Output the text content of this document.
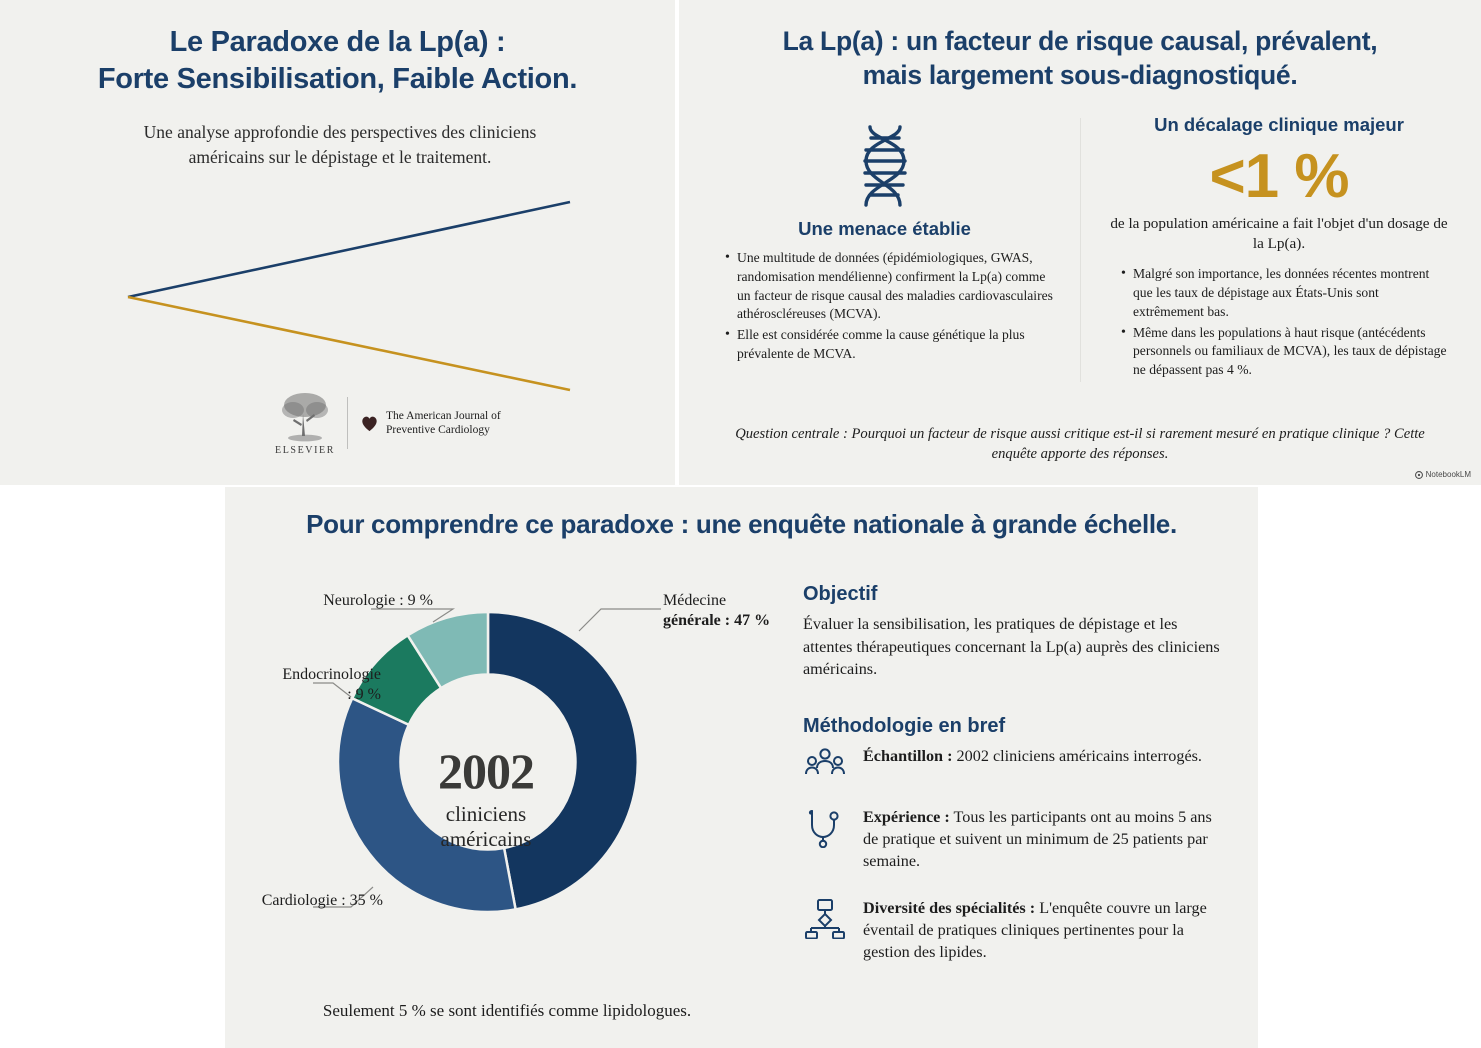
Le Paradoxe de la Lp(a) :
Forte Sensibilisation, Faible Action.
Une analyse approfondie des perspectives des cliniciens américains sur le dépistage et le traitement.
ELSEVIER
The American Journal of
Preventive Cardiology
La Lp(a) : un facteur de risque causal, prévalent,
mais largement sous-diagnostiqué.
Une menace établie
• Une multitude de données (épidémiologiques, GWAS, randomisation mendélienne) confirment la Lp(a) comme un facteur de risque causal des maladies cardiovasculaires athéroscléreuses (MCVA).
• Elle est considérée comme la cause génétique la plus prévalente de MCVA.
Un décalage clinique majeur
<1 %
de la population américaine a fait l'objet d'un dosage de la Lp(a).
• Malgré son importance, les données récentes montrent que les taux de dépistage aux États-Unis sont extrêmement bas.
• Même dans les populations à haut risque (antécédents personnels ou familiaux de MCVA), les taux de dépistage ne dépassent pas 4 %.
Question centrale : Pourquoi un facteur de risque aussi critique est-il si rarement mesuré en pratique clinique ? Cette enquête apporte des réponses.
NotebookLM
Pour comprendre ce paradoxe : une enquête nationale à grande échelle.
2002
cliniciens
américains
Médecine
générale : 47 %
Neurologie : 9 %
Endocrinologie
: 9 %
Cardiologie : 35 %
Seulement 5 % se sont identifiés comme lipidologues.
Objectif

Évaluer la sensibilisation, les pratiques de dépistage et les attentes thérapeutiques concernant la Lp(a) auprès des cliniciens américains.

Méthodologie en bref
Échantillon : 2002 cliniciens américains interrogés.
Expérience : Tous les participants ont au moins 5 ans de pratique et suivent un minimum de 25 patients par semaine.
Diversité des spécialités : L'enquête couvre un large éventail de pratiques cliniques pertinentes pour la gestion des lipides.
